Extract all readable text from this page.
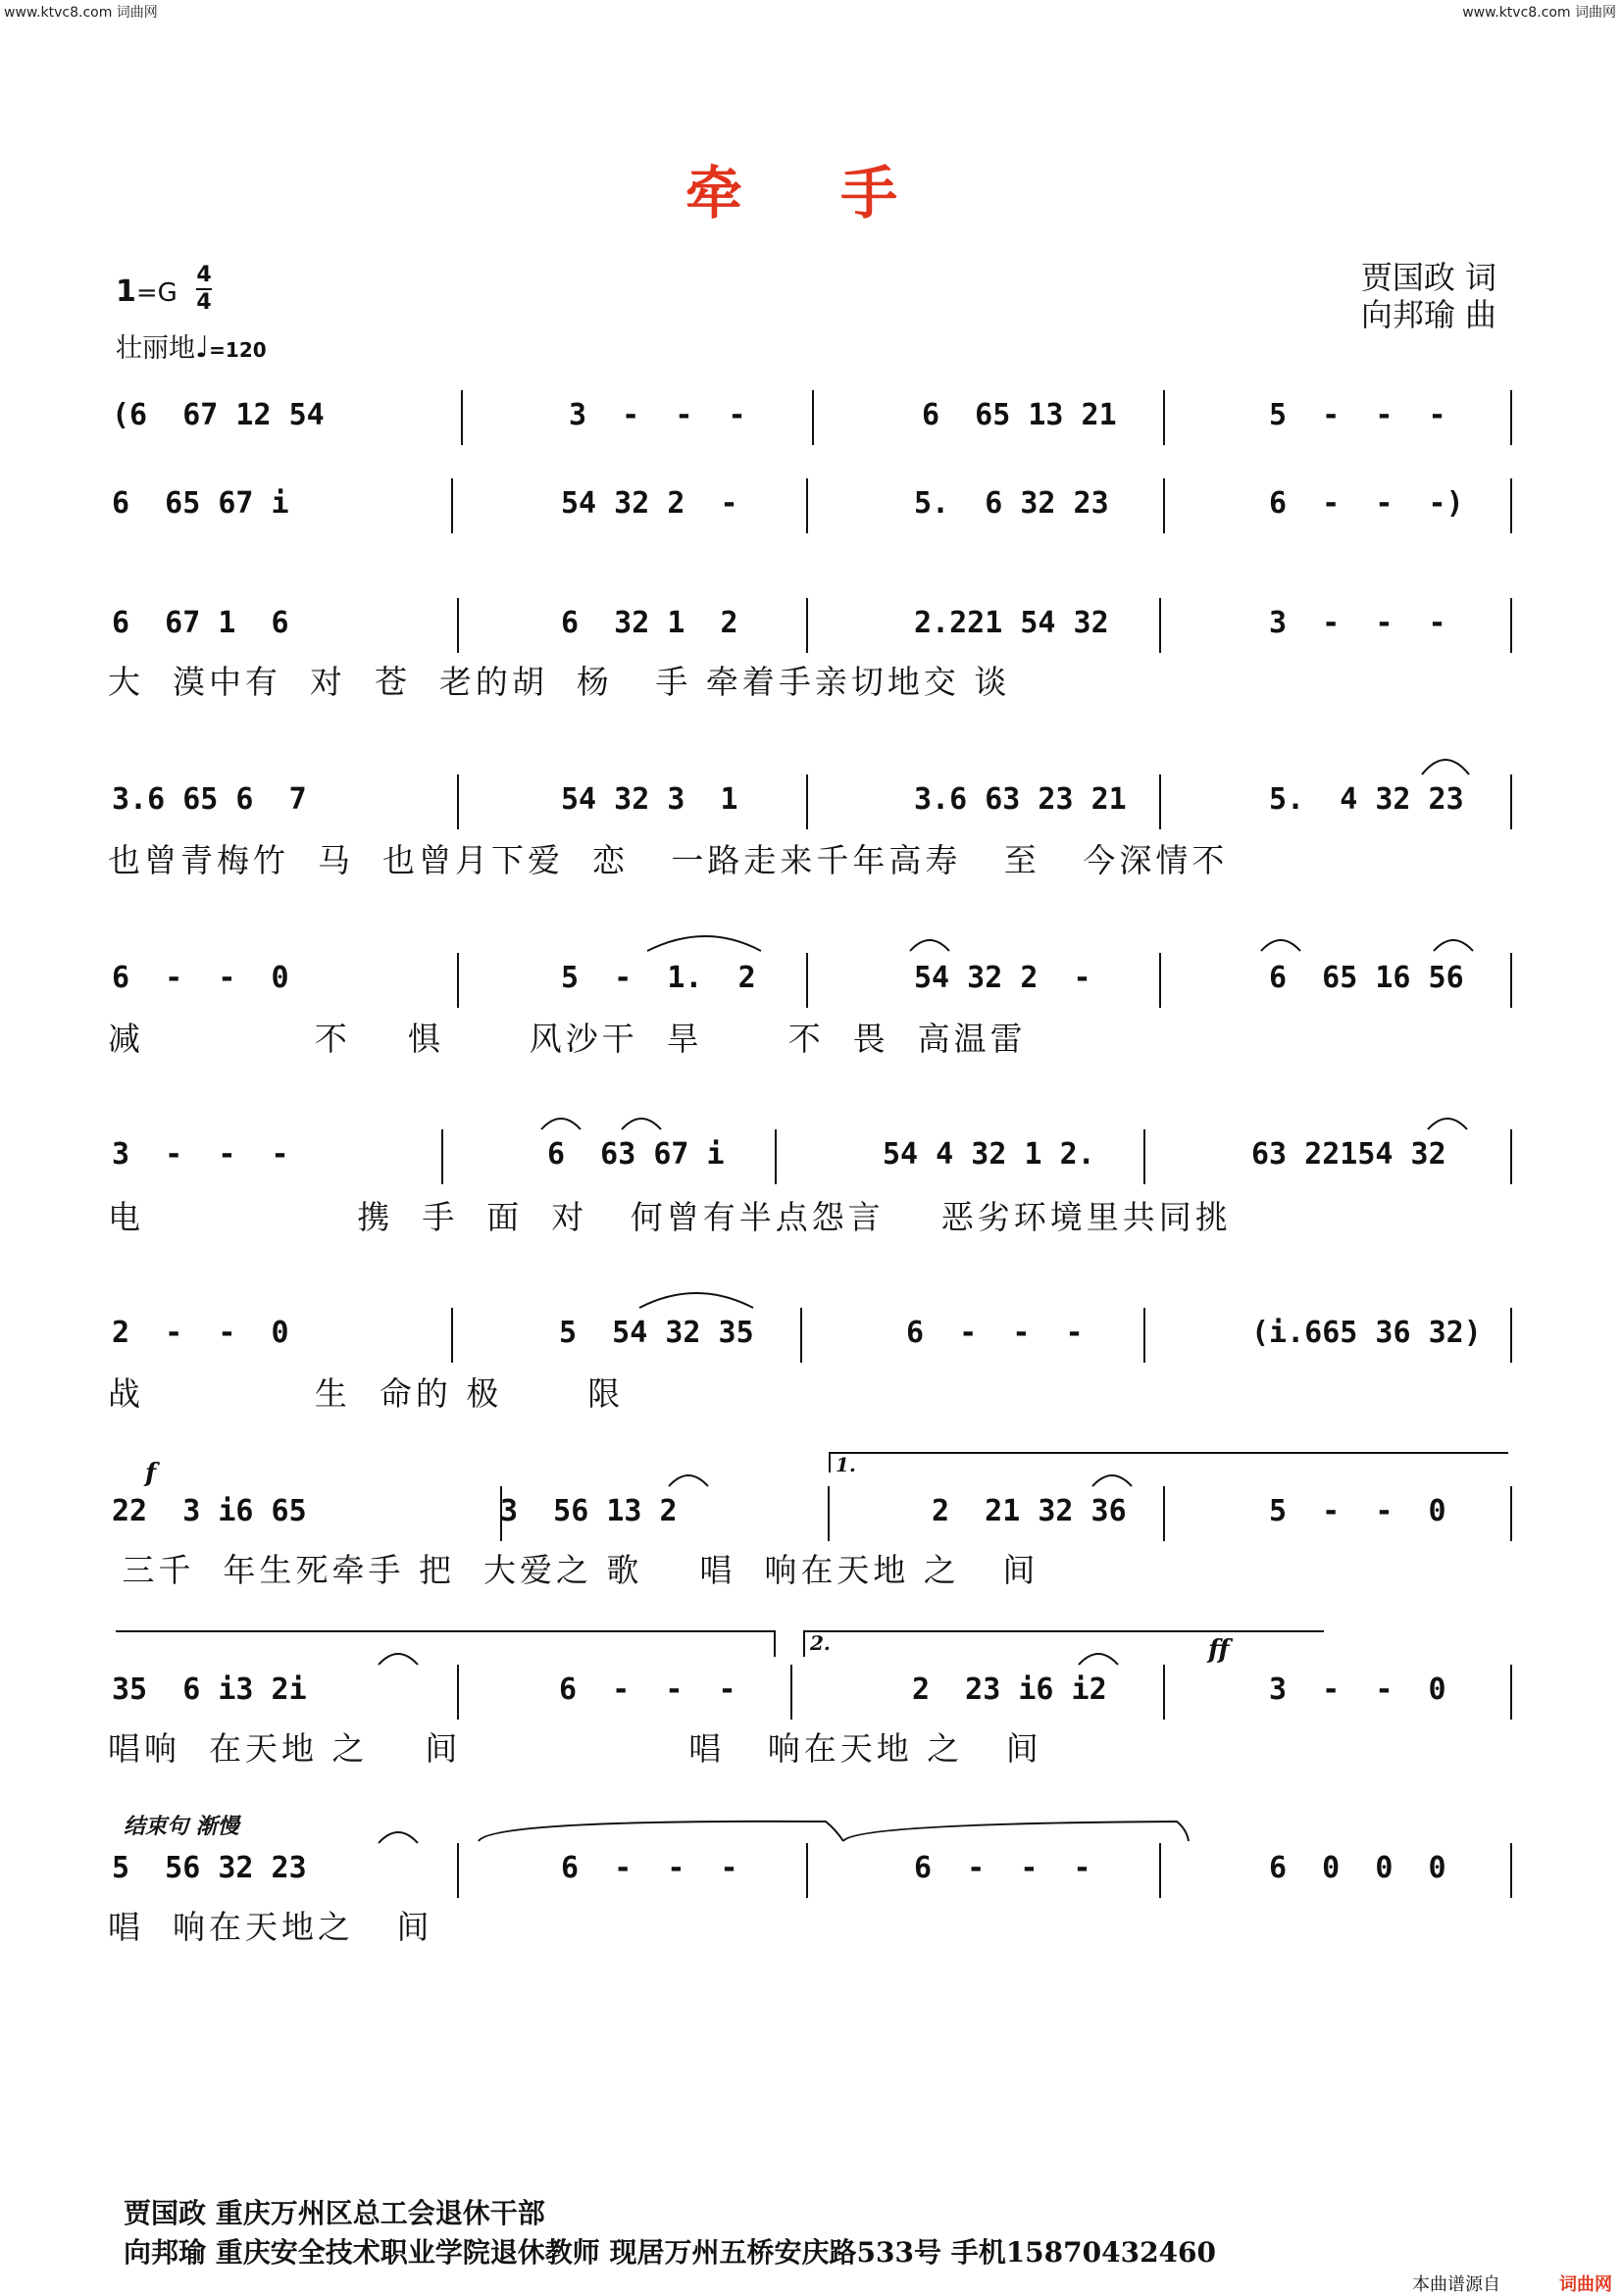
www.ktvc8.com 词曲网	www.ktvc8.com 词曲网
牵 手
贾国政 词
向邦瑜 曲
1=G
4
4
壮丽地♩=120
(6  67 12 54	3  -  -  -	6  65 13 21	5  -  -  -
6  65 67 i	54 32 2  -	5.  6 32 23	6  -  -  -)
6  67 1  6	6  32 1  2	2.221 54 32	3  -  -  -
大  漠中有  对  苍  老的胡  杨   手 牵着手亲切地交 谈
3.6 65 6  7	54 32 3  1	3.6 63 23 21	5.  4 32 23
也曾青梅竹  马  也曾月下爱  恋   一路走来千年高寿   至   今深情不
6  -  -  0	5  -  1.  2	54 32 2  -	6  65 16 56
减            不    惧      风沙干  旱      不  畏  高温雷
3  -  -  -	6  63 67 i	54 4 32 1 2.	63 22154 32
电               携  手  面  对   何曾有半点怨言    恶劣环境里共同挑
2  -  -  0	5  54 32 35	6  -  -  -	(i.665 36 32)
战            生  命的 极      限
22  3 i6 65	3  56 13 2	2  21 32 36	5  -  -  0
三千  年生死牵手 把  大爱之 歌    唱  响在天地 之   间
35  6 i3 2i	6  -  -  -	2  23 i6 i2	3  -  -  0
唱响  在天地 之    间                唱   响在天地 之   间
5  56 32 23	6  -  -  -	6  -  -  -	6  0  0  0
唱  响在天地之   间
f
ff
1.
2.
结束句 渐慢
贾国政 重庆万州区总工会退休干部
向邦瑜 重庆安全技术职业学院退休教师 现居万州五桥安庆路533号 手机15870432460
本曲谱源自	词曲网
